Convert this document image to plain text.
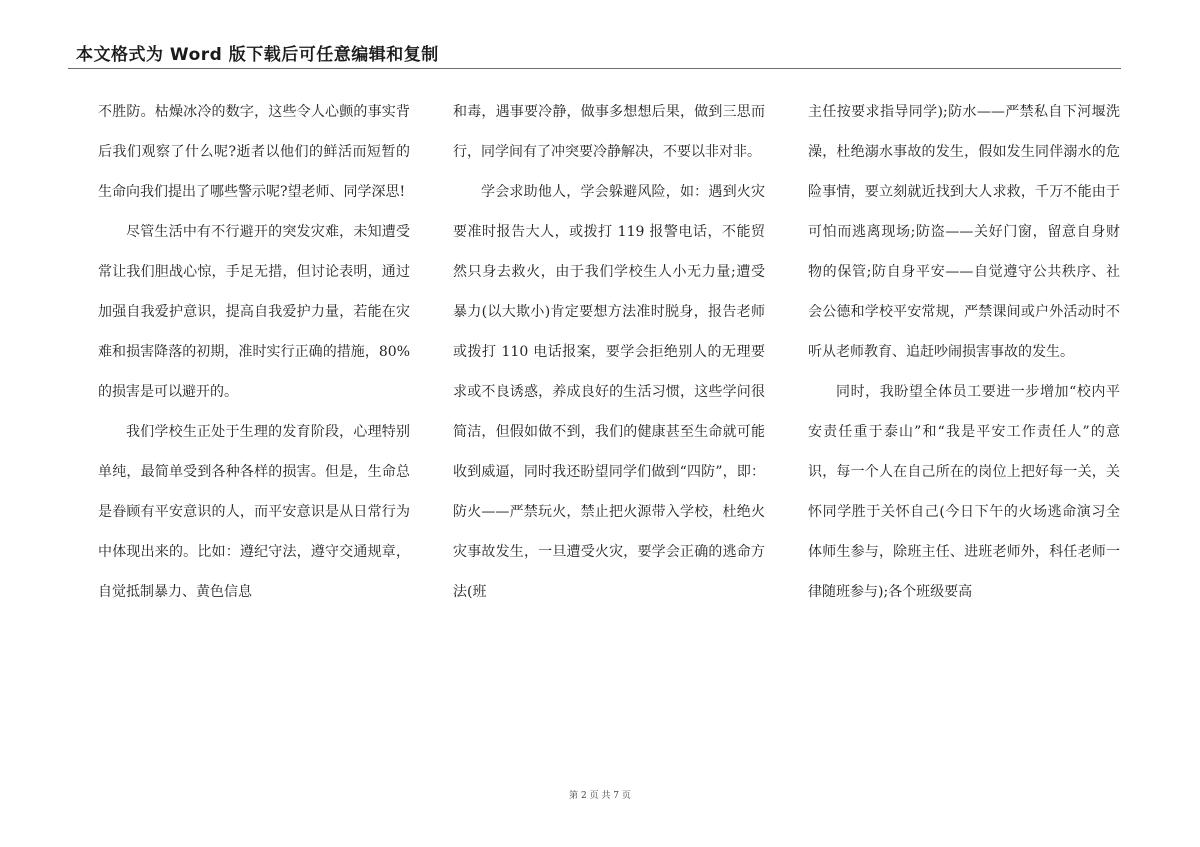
本文格式为 Word 版下载后可任意编辑和复制

不胜防。枯燥冰冷的数字，这些令人心颤的事实背后我们观察了什么呢?逝者以他们的鲜活而短暂的生命向我们提出了哪些警示呢?望老师、同学深思!

尽管生活中有不行避开的突发灾难，未知遭受常让我们胆战心惊，手足无措，但讨论表明，通过加强自我爱护意识，提高自我爱护力量，若能在灾难和损害降落的初期，准时实行正确的措施，80%的损害是可以避开的。

我们学校生正处于生理的发育阶段，心理特别单纯，最简单受到各种各样的损害。但是，生命总是眷顾有平安意识的人，而平安意识是从日常行为中体现出来的。比如：遵纪守法，遵守交通规章，自觉抵制暴力、黄色信息

和毒，遇事要冷静，做事多想想后果，做到三思而行，同学间有了冲突要冷静解决，不要以非对非。

学会求助他人，学会躲避风险，如：遇到火灾要准时报告大人，或拨打 119 报警电话，不能贸然只身去救火，由于我们学校生人小无力量;遭受暴力(以大欺小)肯定要想方法准时脱身，报告老师或拨打 110 电话报案，要学会拒绝别人的无理要求或不良诱惑，养成良好的生活习惯，这些学问很简洁，但假如做不到，我们的健康甚至生命就可能收到威逼，同时我还盼望同学们做到“四防”，即：防火——严禁玩火，禁止把火源带入学校，杜绝火灾事故发生，一旦遭受火灾，要学会正确的逃命方法(班

主任按要求指导同学);防水——严禁私自下河堰洗澡，杜绝溺水事故的发生，假如发生同伴溺水的危险事情，要立刻就近找到大人求救，千万不能由于可怕而逃离现场;防盗——关好门窗，留意自身财物的保管;防自身平安——自觉遵守公共秩序、社会公德和学校平安常规，严禁课间或户外活动时不听从老师教育、追赶吵闹损害事故的发生。

同时，我盼望全体员工要进一步增加“校内平安责任重于泰山”和“我是平安工作责任人”的意识，每一个人在自己所在的岗位上把好每一关，关怀同学胜于关怀自己(今日下午的火场逃命演习全体师生参与，除班主任、进班老师外，科任老师一律随班参与);各个班级要高

第 2 页 共 7 页
